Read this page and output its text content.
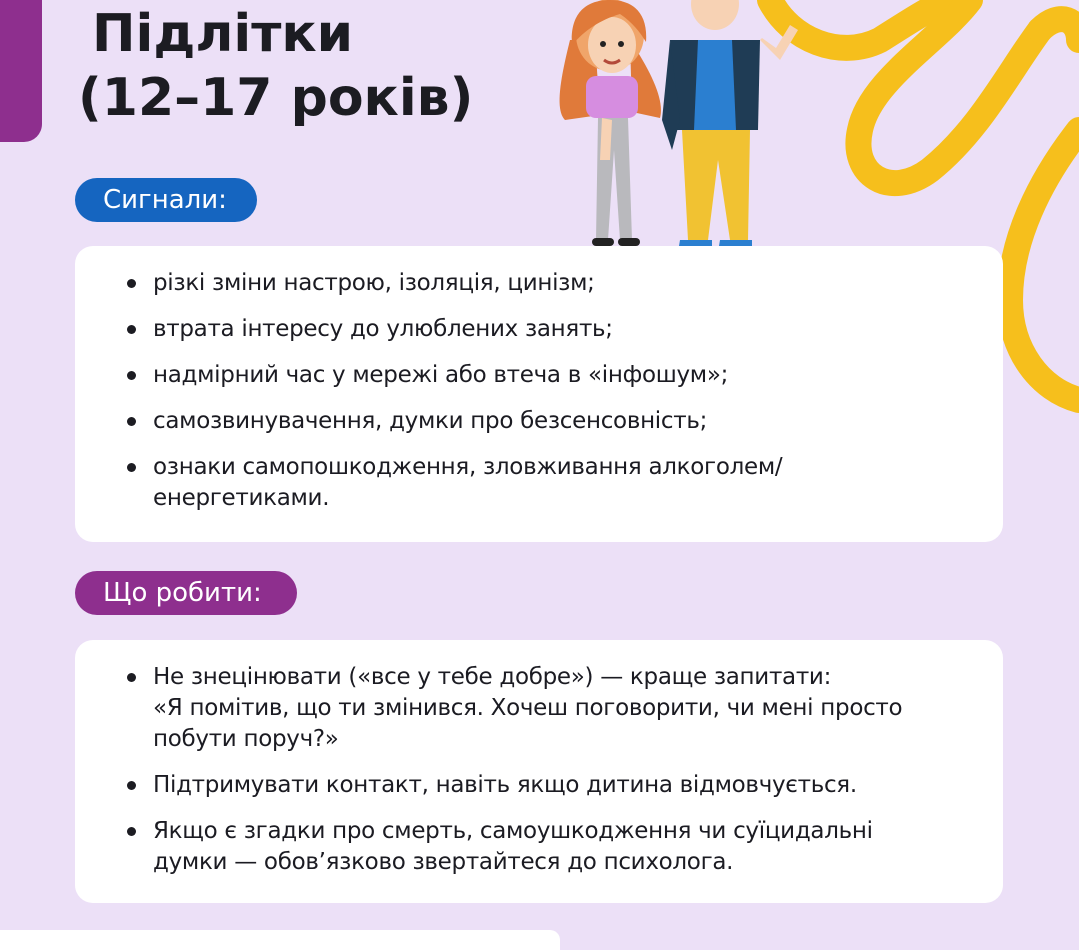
Підлітки
(12–17 років)
Сигнали:
різкі зміни настрою, ізоляція, цинізм;
втрата інтересу до улюблених занять;
надмірний час у мережі або втеча в «інфошум»;
самозвинувачення, думки про безсенсовність;
ознаки самопошкодження, зловживання алкоголем/
енергетиками.
Що робити:
Не знецінювати («все у тебе добре») — краще запитати:
«Я помітив, що ти змінився. Хочеш поговорити, чи мені просто
побути поруч?»
Підтримувати контакт, навіть якщо дитина відмовчується.
Якщо є згадки про смерть, самоушкодження чи суїцидальні
думки — обов’язково звертайтеся до психолога.
